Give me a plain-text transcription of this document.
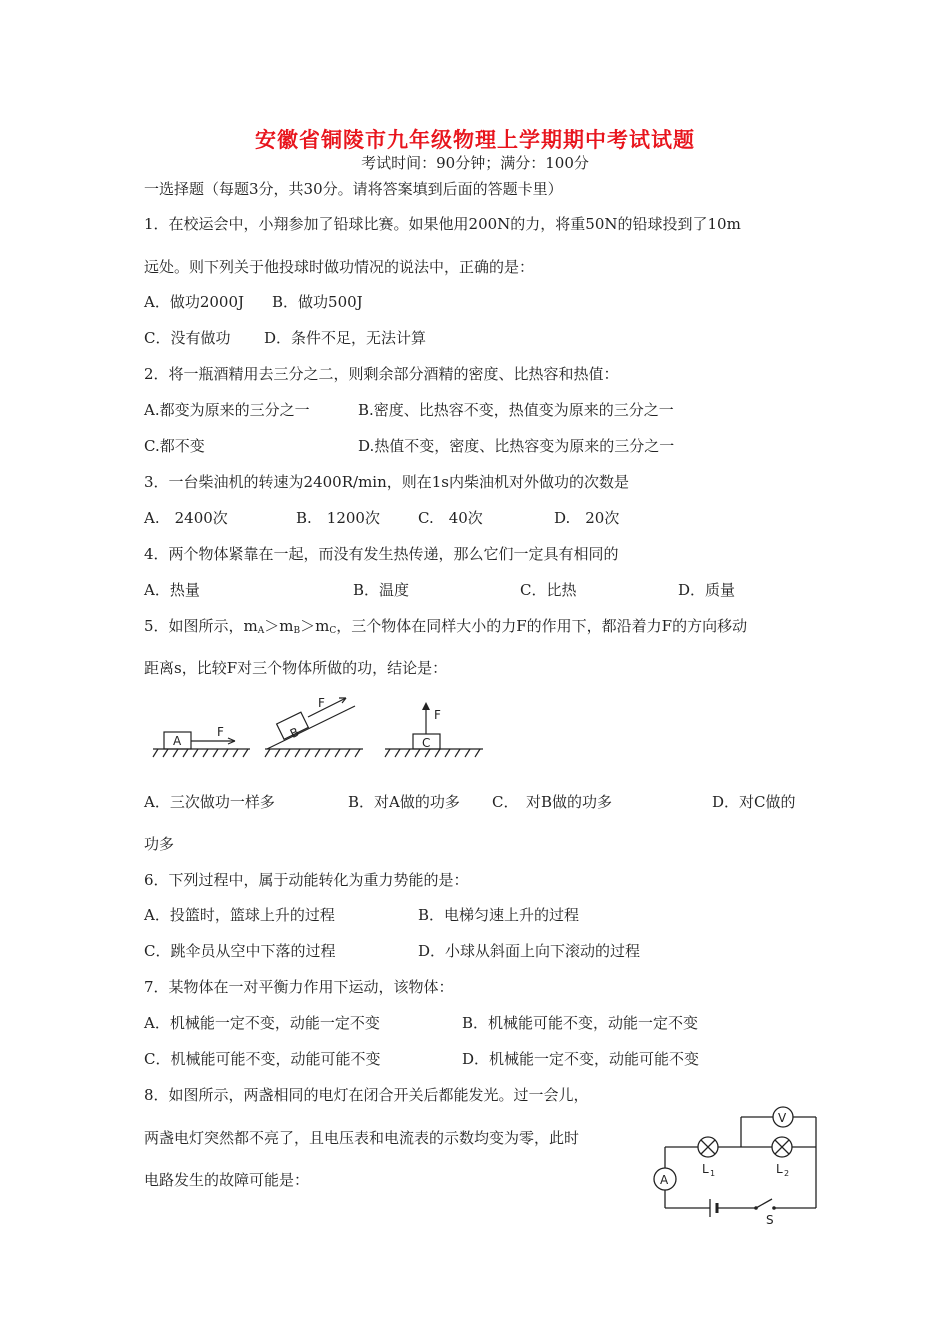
安徽省铜陵市九年级物理上学期期中考试试题
考试时间：90分钟；满分：100分
一选择题（每题3分，共30分。请将答案填到后面的答题卡里）
1．在校运会中，小翔参加了铅球比赛。如果他用200N的力，将重50N的铅球投到了10m
远处。则下列关于他投球时做功情况的说法中，正确的是：
A．做功2000J B．做功500J
C．没有做功 D．条件不足，无法计算
2．将一瓶酒精用去三分之二，则剩余部分酒精的密度、比热容和热值：
A.都变为原来的三分之一	B.密度、比热容不变，热值变为原来的三分之一
C.都不变	D.热值不变，密度、比热容变为原来的三分之一
3．一台柴油机的转速为2400R/min，则在1s内柴油机对外做功的次数是
A.　2400次	B.　1200次	C.　40次	D.　20次
4．两个物体紧靠在一起，而没有发生热传递，那么它们一定具有相同的
A．热量	B．温度	C．比热	D．质量
5．如图所示，$m_A>m_B>m_C$，三个物体在同样大小的力F的作用下，都沿着力F的方向移动
距离s，比较F对三个物体所做的功，结论是：
A
F	B
F
C
F
A．三次做功一样多	B．对A做的功多 C．　对B做的功多	D．对C做的
功多
6．下列过程中，属于动能转化为重力势能的是：
A．投篮时，篮球上升的过程	B．电梯匀速上升的过程
C．跳伞员从空中下落的过程	D．小球从斜面上向下滚动的过程
7．某物体在一对平衡力作用下运动，该物体：
A．机械能一定不变，动能一定不变	B．机械能可能不变，动能一定不变
C．机械能可能不变，动能可能不变	D．机械能一定不变，动能可能不变
8．如图所示，两盏相同的电灯在闭合开关后都能发光。过一会儿，
两盏电灯突然都不亮了，且电压表和电流表的示数均变为零，此时
电路发生的故障可能是：
V
A
L 1	L 2
S
